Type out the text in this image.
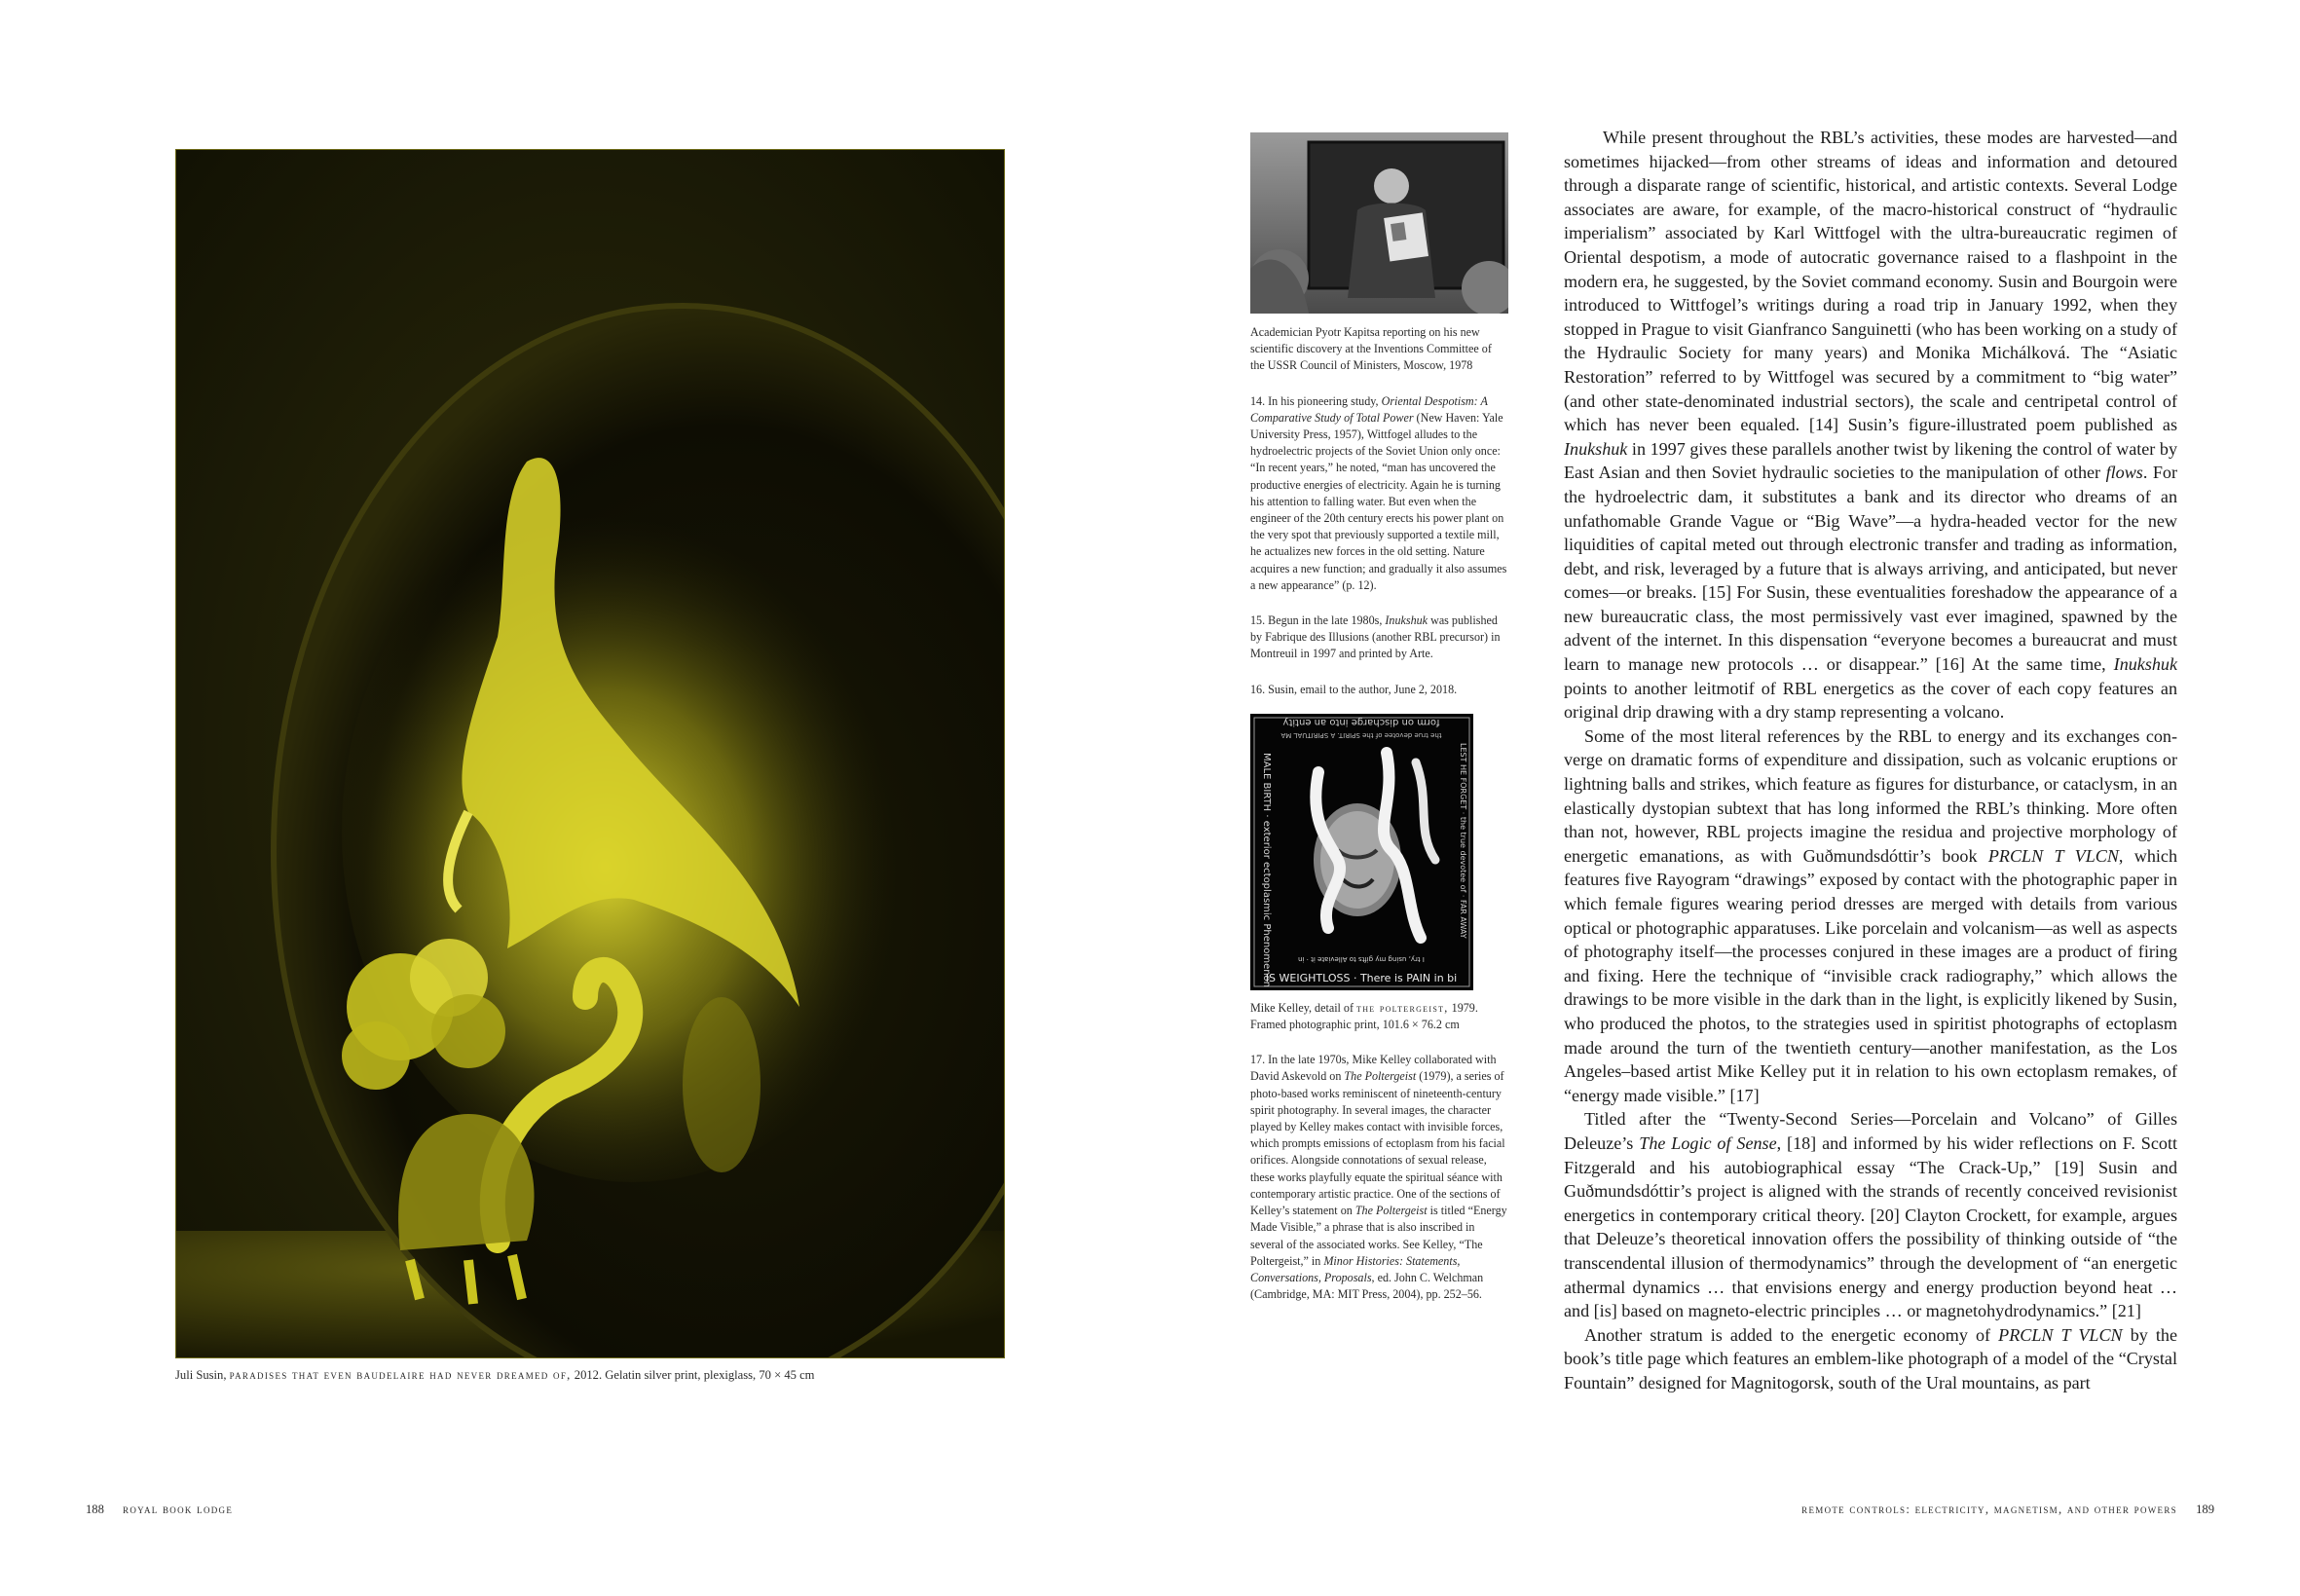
Juli Susin, paradises that even baudelaire had never dreamed of, 2012. Gelatin silver print, plexiglass, 70 × 45 cm
188 royal book lodge

Academician Pyotr Kapitsa reporting on his new scientific discovery at the Inventions Committee of the USSR Council of Ministers, Moscow, 1978

14. In his pioneering study, Oriental Despotism: A Comparative Study of Total Power (New Haven: Yale University Press, 1957), Wittfogel alludes to the hydroelectric projects of the Soviet Union only once: “In recent years,” he noted, “man has uncovered the productive energies of electricity. Again he is turning his attention to falling water. But even when the engineer of the 20th century erects his power plant on the very spot that previously supported a textile mill, he actualizes new forces in the old setting. Nature acquires a new function; and gradually it also assumes a new appearance” (p. 12).

15. Begun in the late 1980s, Inukshuk was published by Fabrique des Illusions (another RBL precursor) in Montreuil in 1997 and printed by Arte.

16. Susin, email to the author, June 2, 2018.

form on discharge into an entity
the true devotee of the SPIRIT. A SPIRITUAL MA
MALE BIRTH · exterior ectoplasmic Phenomenon	LEST HE FORGET · the true devotee of · FAR AWAY
I try, using my gifts to Alleviate it · in
IS WEIGHTLOSS · There is PAIN in bi

Mike Kelley, detail of the poltergeist, 1979. Framed photographic print, 101.6 × 76.2 cm

17. In the late 1970s, Mike Kelley collaborated with David Askevold on The Poltergeist (1979), a series of photo-based works reminiscent of nineteenth-century spirit photography. In several images, the character played by Kelley makes contact with invisible forces, which prompts emissions of ectoplasm from his facial orifices. Alongside connotations of sexual release, these works playfully equate the spiritual séance with contemporary artistic practice. One of the sections of Kelley’s statement on The Poltergeist is titled “Energy Made Visible,” a phrase that is also inscribed in several of the associated works. See Kelley, “The Poltergeist,” in Minor Histories: Statements, Conversations, Proposals, ed. John C. Welchman (Cambridge, MA: MIT Press, 2004), pp. 252–56.

While present throughout the RBL’s activities, these modes are harvested—and sometimes hijacked—from other streams of ideas and information and detoured through a disparate range of scientific, historical, and artistic contexts. Several Lodge associates are aware, for example, of the macro-historical construct of “hydraulic imperialism” associated by Karl Wittfogel with the ultra-bureaucratic regimen of Oriental despotism, a mode of autocratic governance raised to a flashpoint in the modern era, he suggested, by the Soviet command economy. Susin and Bourgoin were introduced to Wittfogel’s writings during a road trip in January 1992, when they stopped in Prague to visit Gianfranco Sanguinetti (who has been working on a study of the Hydraulic Society for many years) and Monika Michálková. The “Asiatic Restoration” referred to by Wittfogel was secured by a commitment to “big water” (and other state-denominated industrial sectors), the scale and centripetal control of which has never been equaled. [14] Susin’s figure-illustrated poem published as Inukshuk in 1997 gives these parallels another twist by likening the control of water by East Asian and then Soviet hydraulic societies to the manipulation of other flows. For the hydroelectric dam, it substitutes a bank and its director who dreams of an unfathomable Grande Vague or “Big Wave”—a hydra-headed vector for the new liquidities of capital meted out through electronic transfer and trading as information, debt, and risk, leveraged by a future that is always arriving, and anticipated, but never comes—or breaks. [15] For Susin, these eventualities foreshadow the appearance of a new bureaucratic class, the most permissively vast ever imagined, spawned by the advent of the internet. In this dispensation “everyone becomes a bureaucrat and must learn to manage new protocols … or disappear.” [16] At the same time, Inukshuk points to another leitmotif of RBL energetics as the cover of each copy features an original drip drawing with a dry stamp representing a volcano.

Some of the most literal references by the RBL to energy and its exchanges converge on dramatic forms of expenditure and dissipation, such as volcanic eruptions or lightning balls and strikes, which feature as figures for disturbance, or cataclysm, in an elastically dystopian subtext that has long informed the RBL’s thinking. More often than not, however, RBL projects imagine the residua and projective morphology of energetic emanations, as with Guðmundsdóttir’s book PRCLN T VLCN, which features five Rayogram “drawings” exposed by contact with the photographic paper in which female figures wearing period dresses are merged with details from various optical or photographic apparatuses. Like porcelain and volcanism—as well as aspects of photography itself—the processes conjured in these images are a product of firing and fixing. Here the technique of “invisible crack radiography,” which allows the drawings to be more visible in the dark than in the light, is explicitly likened by Susin, who produced the photos, to the strategies used in spiritist photographs of ectoplasm made around the turn of the twentieth century—another manifestation, as the Los Angeles–based artist Mike Kelley put it in relation to his own ectoplasm remakes, of “energy made visible.” [17]

Titled after the “Twenty-Second Series—Porcelain and Volcano” of Gilles Deleuze’s The Logic of Sense, [18] and informed by his wider reflections on F. Scott Fitzgerald and his autobiographical essay “The Crack-Up,” [19] Susin and Guðmundsdóttir’s project is aligned with the strands of recently conceived revisionist energetics in contemporary critical theory. [20] Clayton Crockett, for example, argues that Deleuze’s theoretical innovation offers the possibility of thinking outside of “the transcendental illusion of thermodynamics” through the development of “an energetic athermal dynamics … that envisions energy and energy production beyond heat … and [is] based on magneto-electric principles … or magnetohydrodynamics.” [21]

Another stratum is added to the energetic economy of PRCLN T VLCN by the book’s title page which features an emblem-like photograph of a model of the “Crystal Fountain” designed for Magnitogorsk, south of the Ural mountains, as part

remote controls: electricity, magnetism, and other powers 189
